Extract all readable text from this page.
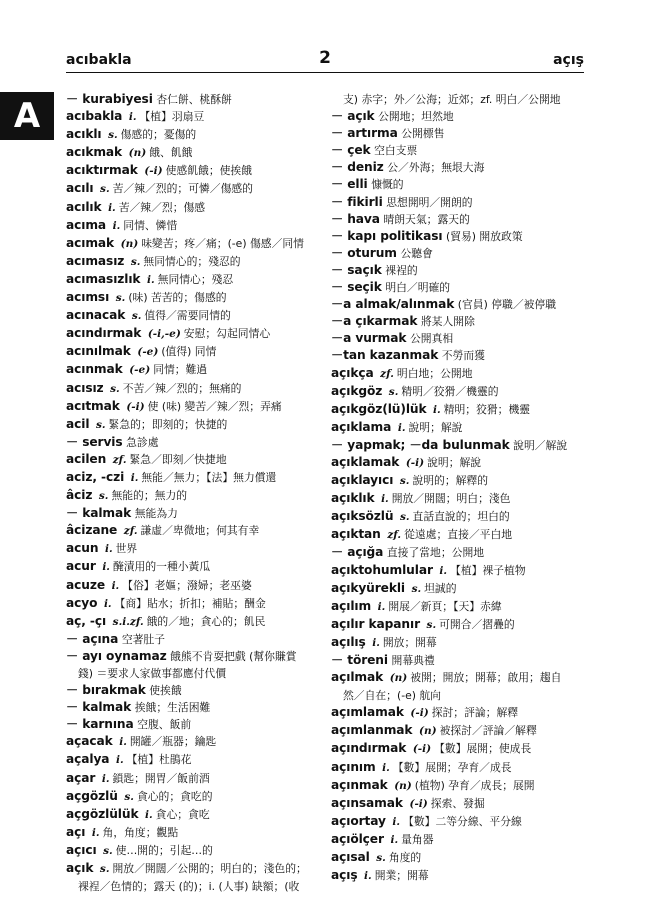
acıbakla	2	açış
A	－ kurabiyesi 杏仁餅、桃酥餅
acıbakla i. 【植】羽扇豆
acıklı s. 傷感的；憂傷的
acıkmak (n) 餓、飢餓
acıktırmak (-i) 使感飢餓；使挨餓
acılı s. 苦／辣／烈的；可憐／傷感的
acılık i. 苦／辣／烈；傷感
acıma i. 同情、憐惜
acımak (n) 味變苦；疼／痛；(-e) 傷感／同情
acımasız s. 無同情心的；殘忍的
acımasızlık i. 無同情心；殘忍
acımsı s. (味) 苦苦的；傷感的
acınacak s. 值得／需要同情的
acındırmak (-i,-e) 安慰；勾起同情心
acınılmak (-e) (值得) 同情
acınmak (-e) 同情；難過
acısız s. 不苦／辣／烈的；無痛的
acıtmak (-i) 使 (味) 變苦／辣／烈；弄痛
acil s. 緊急的；即刻的；快捷的
－ servis 急診處
acilen zf. 緊急／即刻／快捷地
aciz, -czi i. 無能／無力；【法】無力償還
âciz s. 無能的；無力的
－ kalmak 無能為力
âcizane zf. 謙虛／卑微地；何其有幸
acun i. 世界
acur i. 醃漬用的一種小黃瓜
acuze i. 【俗】老嫗；潑婦；老巫婆
acyo i. 【商】貼水；折扣；補貼；酬金
aç, -çı s.i.zf. 餓的／地；貪心的；飢民
－ açına 空著肚子
－ ayı oynamaz 餓熊不肯耍把戲 (幫你賺賞
錢) ＝要求人家做事都應付代價
－ bırakmak 使挨餓
－ kalmak 挨餓；生活困難
－ karnına 空腹、飯前
açacak i. 開罐／瓶器；鑰匙
açalya i. 【植】杜鵑花
açar i. 鎖匙；開胃／飯前酒
açgözlü s. 貪心的；貪吃的
açgözlülük i. 貪心；貪吃
açı i. 角，角度；觀點
açıcı s. 使…開的；引起…的
açık s. 開放／開闊／公開的；明白的；淺色的；
裸裎／色情的；露天 (的)；i. (人事) 缺額；(收
支) 赤字；外／公海；近郊；zf. 明白／公開地
－ açık 公開地；坦然地
－ artırma 公開標售
－ çek 空白支票
－ deniz 公／外海；無垠大海
－ elli 慷慨的
－ fikirli 思想開明／開朗的
－ hava 晴朗天氣；露天的
－ kapı politikası (貿易) 開放政策
－ oturum 公聽會
－ saçık 裸裎的
－ seçik 明白／明確的
－a almak/alınmak (官員) 停職／被停職
－a çıkarmak 將某人開除
－a vurmak 公開真相
－tan kazanmak 不勞而獲
açıkça zf. 明白地；公開地
açıkgöz s. 精明／狡猾／機靈的
açıkgöz(lü)lük i. 精明；狡猾；機靈
açıklama i. 說明；解說
－ yapmak; －da bulunmak 說明／解說
açıklamak (-i) 說明；解說
açıklayıcı s. 說明的；解釋的
açıklık i. 開放／開闊；明白；淺色
açıksözlü s. 直話直說的；坦白的
açıktan zf. 從遠處；直接／平白地
－ açığa 直接了當地；公開地
açıktohumlular i. 【植】裸子植物
açıkyürekli s. 坦誠的
açılım i. 開展／新頁；【天】赤緯
açılır kapanır s. 可開合／摺疊的
açılış i. 開放；開幕
－ töreni 開幕典禮
açılmak (n) 被開；開放；開幕；啟用；趨自
然／自在；(-e) 航向
açımlamak (-i) 探討；評論；解釋
açımlanmak (n) 被探討／評論／解釋
açındırmak (-i) 【數】展開；使成長
açınım i. 【數】展開；孕育／成長
açınmak (n) (植物) 孕育／成長；展開
açınsamak (-i) 探索、發掘
açıortay i. 【數】二等分線、平分線
açıölçer i. 量角器
açısal s. 角度的
açış i. 開業；開幕
